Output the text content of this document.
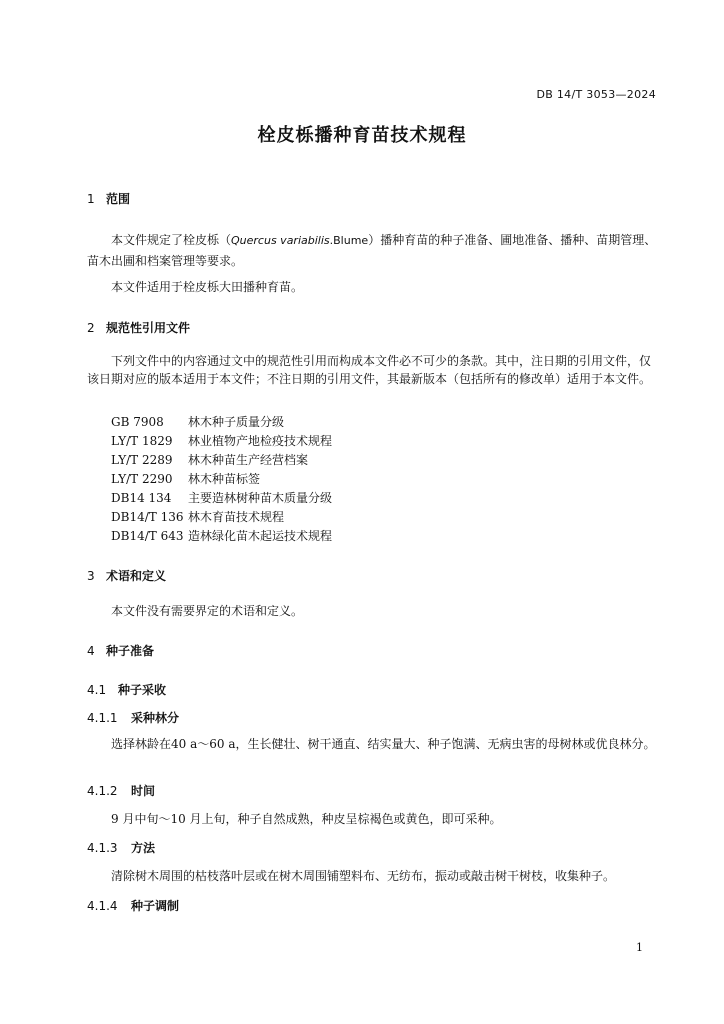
DB 14/T 3053—2024
栓皮栎播种育苗技术规程
1 范围
本文件规定了栓皮栎（Quercus variabilis.Blume）播种育苗的种子准备、圃地准备、播种、苗期管理、苗木出圃和档案管理等要求。
本文件适用于栓皮栎大田播种育苗。
2 规范性引用文件
下列文件中的内容通过文中的规范性引用而构成本文件必不可少的条款。其中，注日期的引用文件，仅该日期对应的版本适用于本文件；不注日期的引用文件，其最新版本（包括所有的修改单）适用于本文件。
GB 7908 林木种子质量分级
LY/T 1829 林业植物产地检疫技术规程
LY/T 2289 林木种苗生产经营档案
LY/T 2290 林木种苗标签
DB14 134 主要造林树种苗木质量分级
DB14/T 136 林木育苗技术规程
DB14/T 643 造林绿化苗木起运技术规程
3 术语和定义
本文件没有需要界定的术语和定义。
4 种子准备
4.1 种子采收
4.1.1 采种林分
选择林龄在40 a～60 a，生长健壮、树干通直、结实量大、种子饱满、无病虫害的母树林或优良林分。
4.1.2 时间
9 月中旬～10 月上旬，种子自然成熟，种皮呈棕褐色或黄色，即可采种。
4.1.3 方法
清除树木周围的枯枝落叶层或在树木周围铺塑料布、无纺布，振动或敲击树干树枝，收集种子。
4.1.4 种子调制
1
